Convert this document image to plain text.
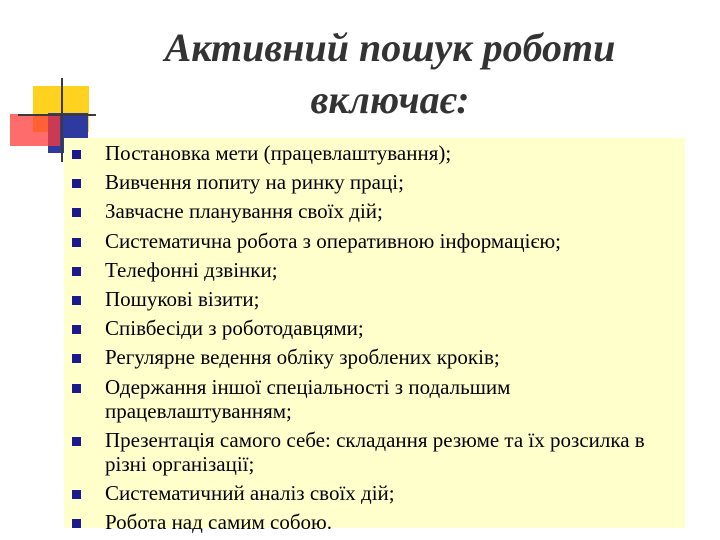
Активний пошук роботи
включає:
Постановка мети (працевлаштування);
Вивчення попиту на ринку праці;
Завчасне планування своїх дій;
Систематична робота з оперативною інформацією;
Телефонні дзвінки;
Пошукові візити;
Співбесіди з роботодавцями;
Регулярне ведення обліку зроблених кроків;
Одержання іншої спеціальності з подальшим працевлаштуванням;
Презентація самого себе: складання резюме та їх розсилка в різні організації;
Систематичний аналіз своїх дій;
Робота над самим собою.
